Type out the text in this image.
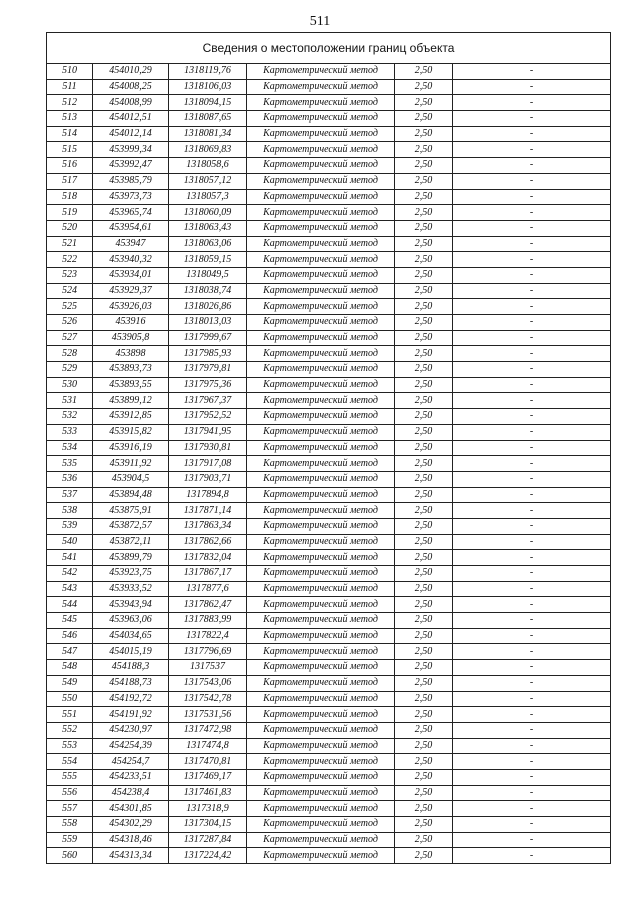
511
Сведения о местоположении границ объекта					
510	454010,29	1318119,76	Картометрический метод	2,50	-
511	454008,25	1318106,03	Картометрический метод	2,50	-
512	454008,99	1318094,15	Картометрический метод	2,50	-
513	454012,51	1318087,65	Картометрический метод	2,50	-
514	454012,14	1318081,34	Картометрический метод	2,50	-
515	453999,34	1318069,83	Картометрический метод	2,50	-
516	453992,47	1318058,6	Картометрический метод	2,50	-
517	453985,79	1318057,12	Картометрический метод	2,50	-
518	453973,73	1318057,3	Картометрический метод	2,50	-
519	453965,74	1318060,09	Картометрический метод	2,50	-
520	453954,61	1318063,43	Картометрический метод	2,50	-
521	453947	1318063,06	Картометрический метод	2,50	-
522	453940,32	1318059,15	Картометрический метод	2,50	-
523	453934,01	1318049,5	Картометрический метод	2,50	-
524	453929,37	1318038,74	Картометрический метод	2,50	-
525	453926,03	1318026,86	Картометрический метод	2,50	-
526	453916	1318013,03	Картометрический метод	2,50	-
527	453905,8	1317999,67	Картометрический метод	2,50	-
528	453898	1317985,93	Картометрический метод	2,50	-
529	453893,73	1317979,81	Картометрический метод	2,50	-
530	453893,55	1317975,36	Картометрический метод	2,50	-
531	453899,12	1317967,37	Картометрический метод	2,50	-
532	453912,85	1317952,52	Картометрический метод	2,50	-
533	453915,82	1317941,95	Картометрический метод	2,50	-
534	453916,19	1317930,81	Картометрический метод	2,50	-
535	453911,92	1317917,08	Картометрический метод	2,50	-
536	453904,5	1317903,71	Картометрический метод	2,50	-
537	453894,48	1317894,8	Картометрический метод	2,50	-
538	453875,91	1317871,14	Картометрический метод	2,50	-
539	453872,57	1317863,34	Картометрический метод	2,50	-
540	453872,11	1317862,66	Картометрический метод	2,50	-
541	453899,79	1317832,04	Картометрический метод	2,50	-
542	453923,75	1317867,17	Картометрический метод	2,50	-
543	453933,52	1317877,6	Картометрический метод	2,50	-
544	453943,94	1317862,47	Картометрический метод	2,50	-
545	453963,06	1317883,99	Картометрический метод	2,50	-
546	454034,65	1317822,4	Картометрический метод	2,50	-
547	454015,19	1317796,69	Картометрический метод	2,50	-
548	454188,3	1317537	Картометрический метод	2,50	-
549	454188,73	1317543,06	Картометрический метод	2,50	-
550	454192,72	1317542,78	Картометрический метод	2,50	-
551	454191,92	1317531,56	Картометрический метод	2,50	-
552	454230,97	1317472,98	Картометрический метод	2,50	-
553	454254,39	1317474,8	Картометрический метод	2,50	-
554	454254,7	1317470,81	Картометрический метод	2,50	-
555	454233,51	1317469,17	Картометрический метод	2,50	-
556	454238,4	1317461,83	Картометрический метод	2,50	-
557	454301,85	1317318,9	Картометрический метод	2,50	-
558	454302,29	1317304,15	Картометрический метод	2,50	-
559	454318,46	1317287,84	Картометрический метод	2,50	-
560	454313,34	1317224,42	Картометрический метод	2,50	-
